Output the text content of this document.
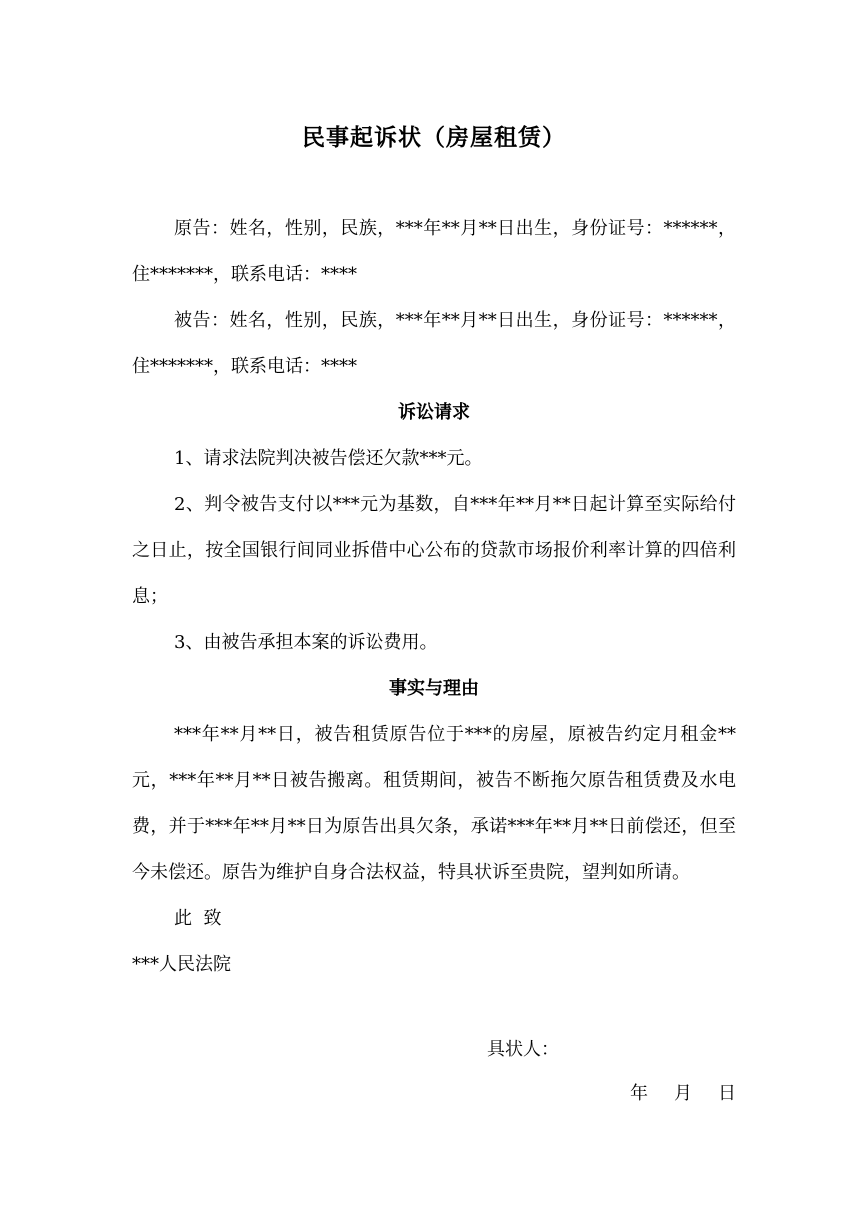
民事起诉状（房屋租赁）

原告：姓名，性别，民族，***年**月**日出生，身份证号：******，住*******，联系电话：****

被告：姓名，性别，民族，***年**月**日出生，身份证号：******，住*******，联系电话：****

诉讼请求

1、请求法院判决被告偿还欠款***元。

2、判令被告支付以***元为基数，自***年**月**日起计算至实际给付之日止，按全国银行间同业拆借中心公布的贷款市场报价利率计算的四倍利息；

3、由被告承担本案的诉讼费用。

事实与理由

***年**月**日，被告租赁原告位于***的房屋，原被告约定月租金**元，***年**月**日被告搬离。租赁期间，被告不断拖欠原告租赁费及水电费，并于***年**月**日为原告出具欠条，承诺***年**月**日前偿还，但至今未偿还。原告为维护自身合法权益，特具状诉至贵院，望判如所请。

此  致

***人民法院

具状人：
年 月 日
